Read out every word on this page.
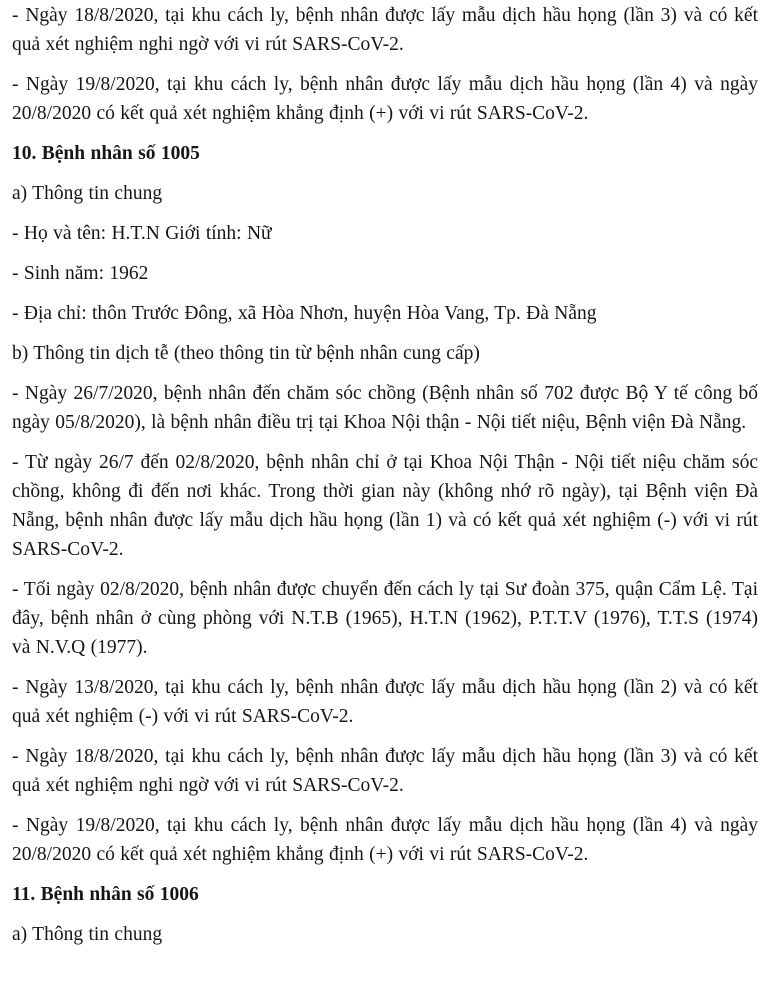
- Ngày 18/8/2020, tại khu cách ly, bệnh nhân được lấy mẫu dịch hầu họng (lần 3) và có kết quả xét nghiệm nghi ngờ với vi rút SARS-CoV-2.

- Ngày 19/8/2020, tại khu cách ly, bệnh nhân được lấy mẫu dịch hầu họng (lần 4) và ngày 20/8/2020 có kết quả xét nghiệm khẳng định (+) với vi rút SARS-CoV-2.

10. Bệnh nhân số 1005

a) Thông tin chung

- Họ và tên: H.T.N Giới tính: Nữ

- Sinh năm: 1962

- Địa chỉ: thôn Trước Đông, xã Hòa Nhơn, huyện Hòa Vang, Tp. Đà Nẵng

b) Thông tin dịch tễ (theo thông tin từ bệnh nhân cung cấp)

- Ngày 26/7/2020, bệnh nhân đến chăm sóc chồng (Bệnh nhân số 702 được Bộ Y tế công bố ngày 05/8/2020), là bệnh nhân điều trị tại Khoa Nội thận - Nội tiết niệu, Bệnh viện Đà Nẵng.

- Từ ngày 26/7 đến 02/8/2020, bệnh nhân chỉ ở tại Khoa Nội Thận - Nội tiết niệu chăm sóc chồng, không đi đến nơi khác. Trong thời gian này (không nhớ rõ ngày), tại Bệnh viện Đà Nẵng, bệnh nhân được lấy mẫu dịch hầu họng (lần 1) và có kết quả xét nghiệm (-) với vi rút SARS-CoV-2.

- Tối ngày 02/8/2020, bệnh nhân được chuyển đến cách ly tại Sư đoàn 375, quận Cẩm Lệ. Tại đây, bệnh nhân ở cùng phòng với N.T.B (1965), H.T.N (1962), P.T.T.V (1976), T.T.S (1974) và N.V.Q (1977).

- Ngày 13/8/2020, tại khu cách ly, bệnh nhân được lấy mẫu dịch hầu họng (lần 2) và có kết quả xét nghiệm (-) với vi rút SARS-CoV-2.

- Ngày 18/8/2020, tại khu cách ly, bệnh nhân được lấy mẫu dịch hầu họng (lần 3) và có kết quả xét nghiệm nghi ngờ với vi rút SARS-CoV-2.

- Ngày 19/8/2020, tại khu cách ly, bệnh nhân được lấy mẫu dịch hầu họng (lần 4) và ngày 20/8/2020 có kết quả xét nghiệm khẳng định (+) với vi rút SARS-CoV-2.

11. Bệnh nhân số 1006

a) Thông tin chung
